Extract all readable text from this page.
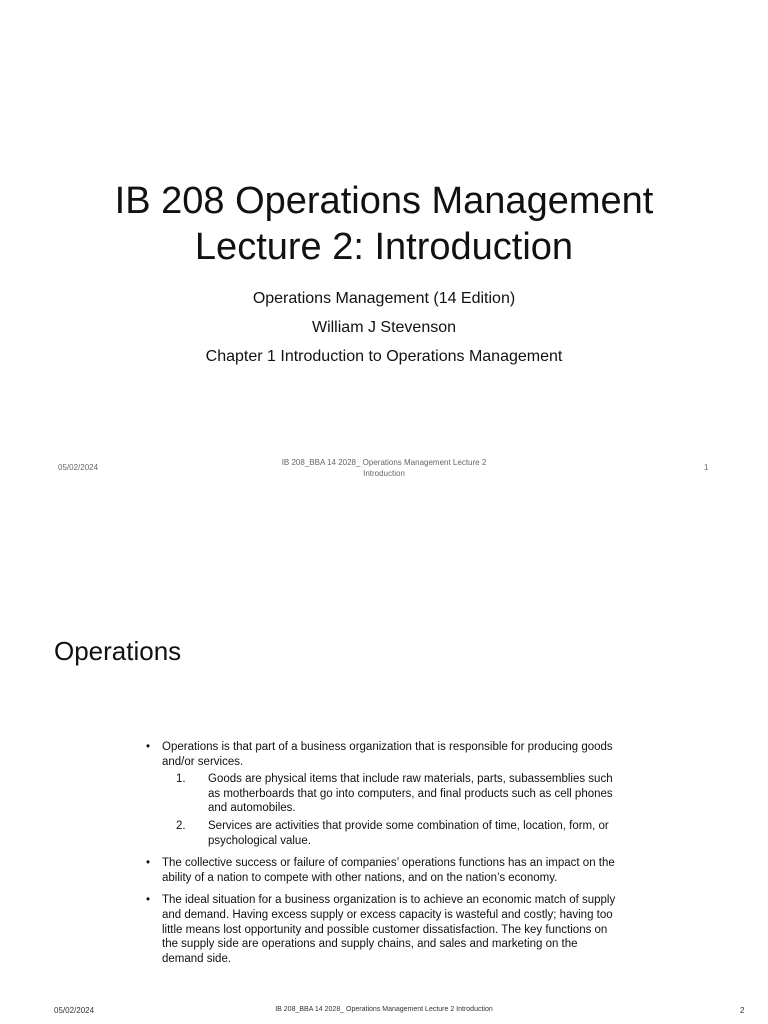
IB 208 Operations Management
Lecture 2: Introduction
Operations Management (14 Edition)
William J Stevenson
Chapter 1 Introduction to Operations Management
05/02/2024
IB 208_BBA 14 2028_ Operations Management Lecture 2
Introduction
1
Operations
• Operations is that part of a business organization that is responsible for producing goods and/or services.
1. Goods are physical items that include raw materials, parts, subassemblies such as motherboards that go into computers, and final products such as cell phones and automobiles.
2. Services are activities that provide some combination of time, location, form, or psychological value.
• The collective success or failure of companies’ operations functions has an impact on the ability of a nation to compete with other nations, and on the nation’s economy.
• The ideal situation for a business organization is to achieve an economic match of supply and demand. Having excess supply or excess capacity is wasteful and costly; having too little means lost opportunity and possible customer dissatisfaction. The key functions on the supply side are operations and supply chains, and sales and marketing on the demand side.
05/02/2024	IB 208_BBA 14 2028_ Operations Management Lecture 2 Introduction	2
